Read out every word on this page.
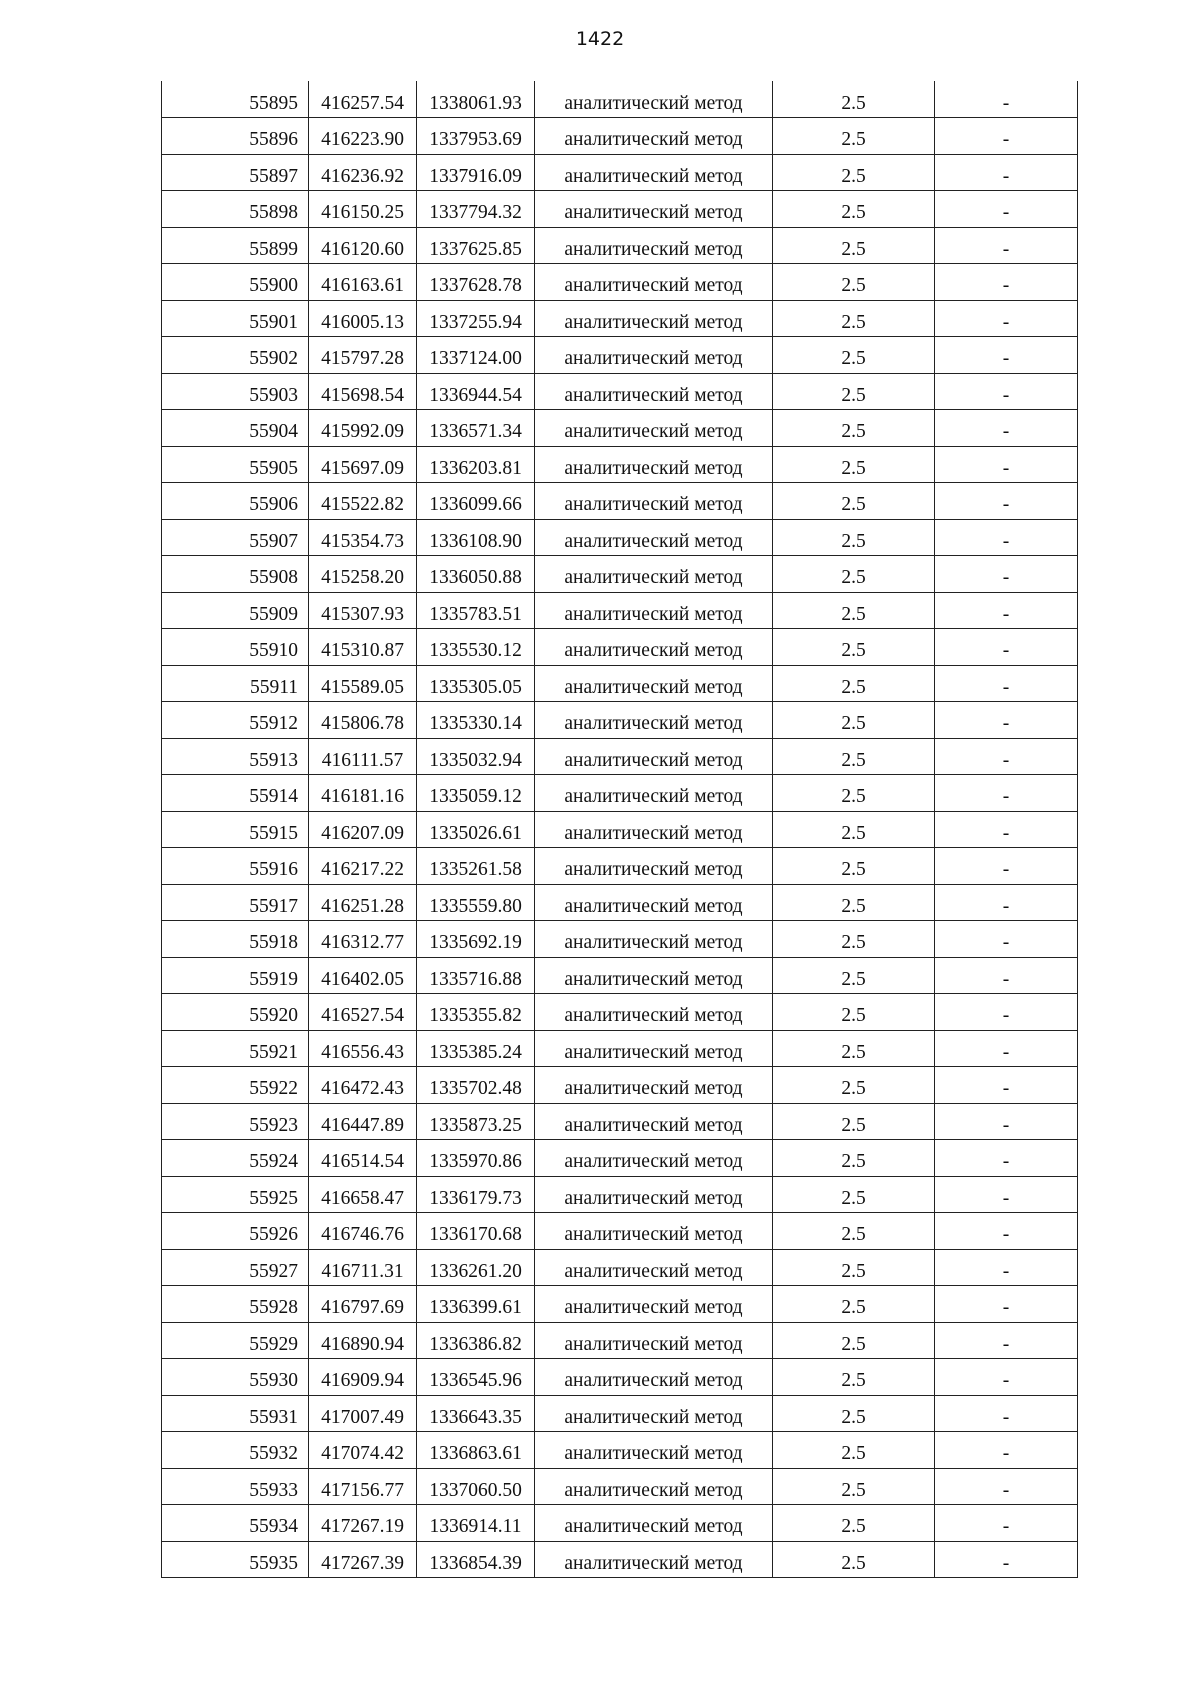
1422
55895	416257.54	1338061.93	аналитический метод	2.5	-

55896	416223.90	1337953.69	аналитический метод	2.5	-

55897	416236.92	1337916.09	аналитический метод	2.5	-

55898	416150.25	1337794.32	аналитический метод	2.5	-

55899	416120.60	1337625.85	аналитический метод	2.5	-

55900	416163.61	1337628.78	аналитический метод	2.5	-

55901	416005.13	1337255.94	аналитический метод	2.5	-

55902	415797.28	1337124.00	аналитический метод	2.5	-

55903	415698.54	1336944.54	аналитический метод	2.5	-

55904	415992.09	1336571.34	аналитический метод	2.5	-

55905	415697.09	1336203.81	аналитический метод	2.5	-

55906	415522.82	1336099.66	аналитический метод	2.5	-

55907	415354.73	1336108.90	аналитический метод	2.5	-

55908	415258.20	1336050.88	аналитический метод	2.5	-

55909	415307.93	1335783.51	аналитический метод	2.5	-

55910	415310.87	1335530.12	аналитический метод	2.5	-

55911	415589.05	1335305.05	аналитический метод	2.5	-

55912	415806.78	1335330.14	аналитический метод	2.5	-

55913	416111.57	1335032.94	аналитический метод	2.5	-

55914	416181.16	1335059.12	аналитический метод	2.5	-

55915	416207.09	1335026.61	аналитический метод	2.5	-

55916	416217.22	1335261.58	аналитический метод	2.5	-

55917	416251.28	1335559.80	аналитический метод	2.5	-

55918	416312.77	1335692.19	аналитический метод	2.5	-

55919	416402.05	1335716.88	аналитический метод	2.5	-

55920	416527.54	1335355.82	аналитический метод	2.5	-

55921	416556.43	1335385.24	аналитический метод	2.5	-

55922	416472.43	1335702.48	аналитический метод	2.5	-

55923	416447.89	1335873.25	аналитический метод	2.5	-

55924	416514.54	1335970.86	аналитический метод	2.5	-

55925	416658.47	1336179.73	аналитический метод	2.5	-

55926	416746.76	1336170.68	аналитический метод	2.5	-

55927	416711.31	1336261.20	аналитический метод	2.5	-

55928	416797.69	1336399.61	аналитический метод	2.5	-

55929	416890.94	1336386.82	аналитический метод	2.5	-

55930	416909.94	1336545.96	аналитический метод	2.5	-

55931	417007.49	1336643.35	аналитический метод	2.5	-

55932	417074.42	1336863.61	аналитический метод	2.5	-

55933	417156.77	1337060.50	аналитический метод	2.5	-

55934	417267.19	1336914.11	аналитический метод	2.5	-

55935	417267.39	1336854.39	аналитический метод	2.5	-
